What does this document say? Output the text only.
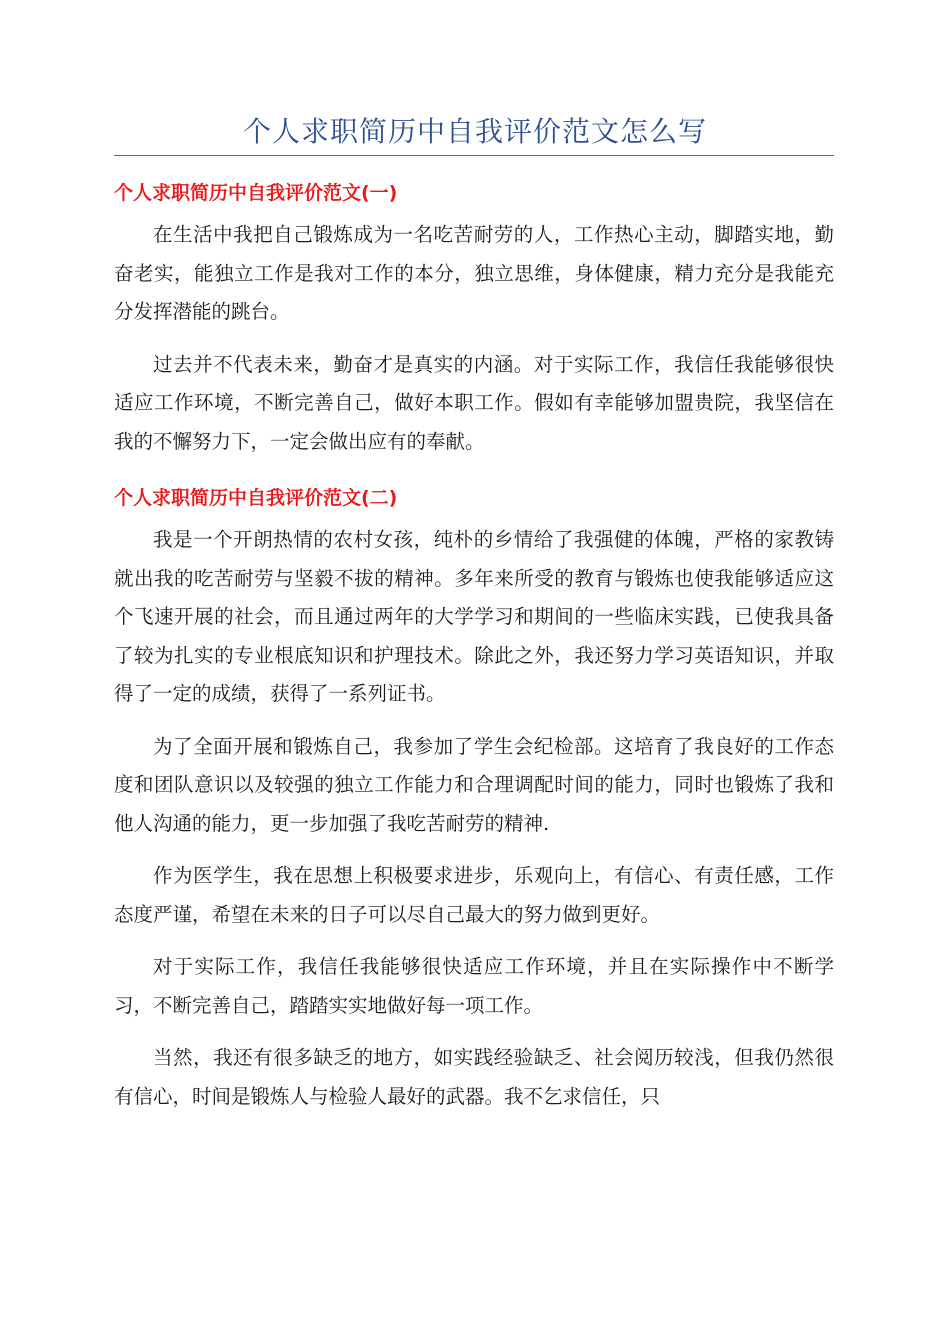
个人求职简历中自我评价范文怎么写
个人求职简历中自我评价范文(一)

在生活中我把自己锻炼成为一名吃苦耐劳的人，工作热心主动，脚踏实地，勤奋老实，能独立工作是我对工作的本分，独立思维，身体健康，精力充分是我能充分发挥潜能的跳台。

过去并不代表未来，勤奋才是真实的内涵。对于实际工作，我信任我能够很快适应工作环境，不断完善自己，做好本职工作。假如有幸能够加盟贵院，我坚信在我的不懈努力下，一定会做出应有的奉献。

个人求职简历中自我评价范文(二)

我是一个开朗热情的农村女孩，纯朴的乡情给了我强健的体魄，严格的家教铸就出我的吃苦耐劳与坚毅不拔的精神。多年来所受的教育与锻炼也使我能够适应这个飞速开展的社会，而且通过两年的大学学习和期间的一些临床实践，已使我具备了较为扎实的专业根底知识和护理技术。除此之外，我还努力学习英语知识，并取得了一定的成绩，获得了一系列证书。

为了全面开展和锻炼自己，我参加了学生会纪检部。这培育了我良好的工作态度和团队意识以及较强的独立工作能力和合理调配时间的能力，同时也锻炼了我和他人沟通的能力，更一步加强了我吃苦耐劳的精神.

作为医学生，我在思想上积极要求进步，乐观向上，有信心、有责任感，工作态度严谨，希望在未来的日子可以尽自己最大的努力做到更好。

对于实际工作，我信任我能够很快适应工作环境，并且在实际操作中不断学习，不断完善自己，踏踏实实地做好每一项工作。

当然，我还有很多缺乏的地方，如实践经验缺乏、社会阅历较浅，但我仍然很有信心，时间是锻炼人与检验人最好的武器。我不乞求信任，只
